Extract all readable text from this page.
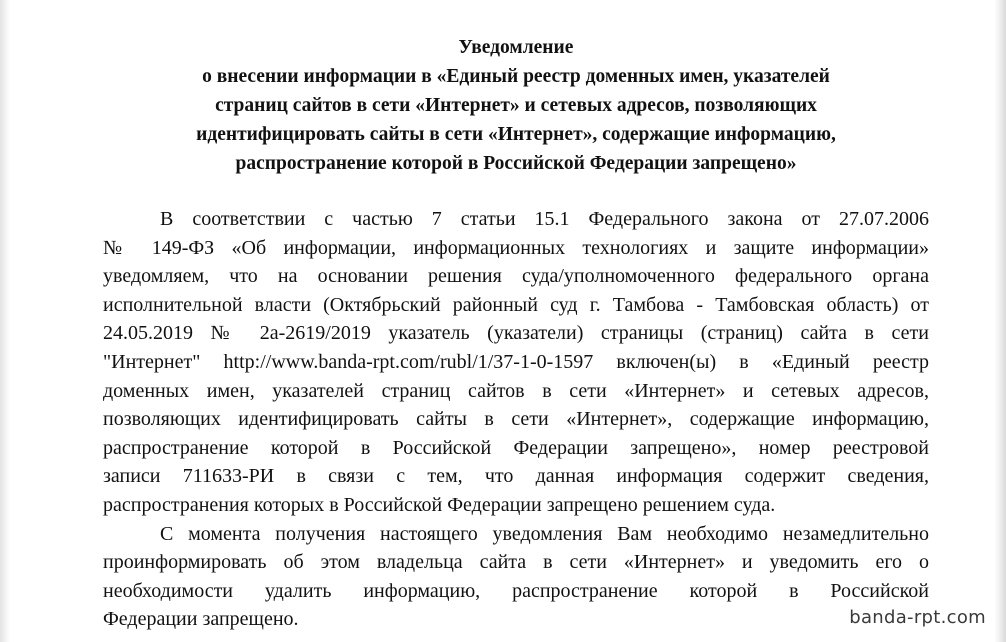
Уведомление
о внесении информации в «Единый реестр доменных имен, указателей
страниц сайтов в сети «Интернет» и сетевых адресов, позволяющих
идентифицировать сайты в сети «Интернет», содержащие информацию,
распространение которой в Российской Федерации запрещено»
В соответствии с частью 7 статьи 15.1 Федерального закона от 27.07.2006
№ 149-ФЗ «Об информации, информационных технологиях и защите информации»
уведомляем, что на основании решения суда/уполномоченного федерального органа
исполнительной власти (Октябрьский районный суд г. Тамбова - Тамбовская область) от
24.05.2019 № 2а-2619/2019 указатель (указатели) страницы (страниц) сайта в сети
"Интернет" http://www.banda-rpt.com/rubl/1/37-1-0-1597 включен(ы) в «Единый реестр
доменных имен, указателей страниц сайтов в сети «Интернет» и сетевых адресов,
позволяющих идентифицировать сайты в сети «Интернет», содержащие информацию,
распространение которой в Российской Федерации запрещено», номер реестровой
записи 711633-РИ в связи с тем, что данная информация содержит сведения,
распространения которых в Российской Федерации запрещено решением суда.
С момента получения настоящего уведомления Вам необходимо незамедлительно
проинформировать об этом владельца сайта в сети «Интернет» и уведомить его о
необходимости удалить информацию, распространение которой в Российской
Федерации запрещено.	banda-rpt.com
